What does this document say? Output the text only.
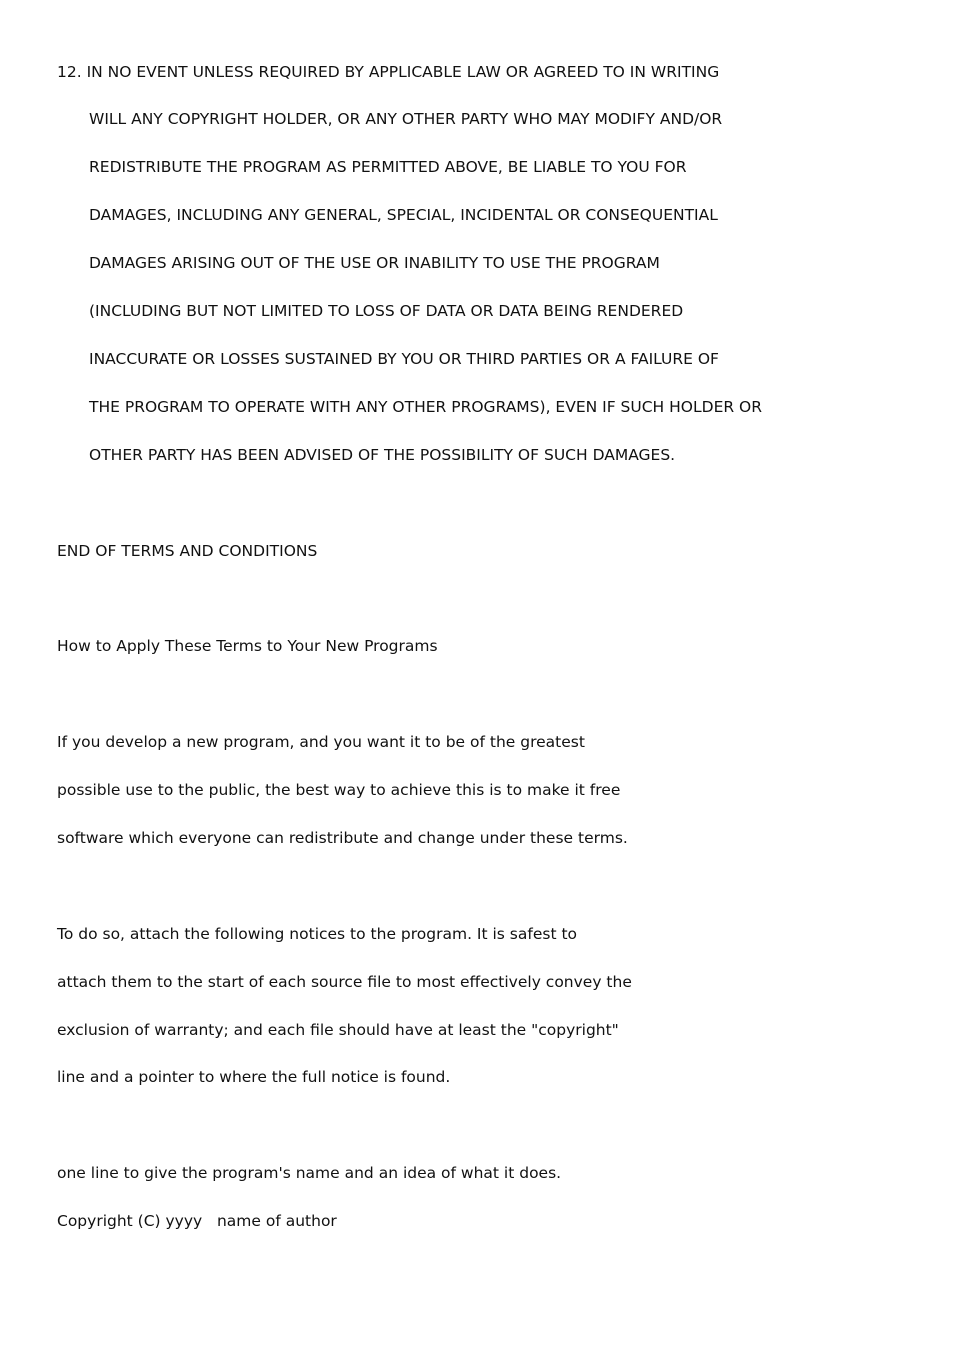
12. IN NO EVENT UNLESS REQUIRED BY APPLICABLE LAW OR AGREED TO IN WRITING
WILL ANY COPYRIGHT HOLDER, OR ANY OTHER PARTY WHO MAY MODIFY AND/OR
REDISTRIBUTE THE PROGRAM AS PERMITTED ABOVE, BE LIABLE TO YOU FOR
DAMAGES, INCLUDING ANY GENERAL, SPECIAL, INCIDENTAL OR CONSEQUENTIAL
DAMAGES ARISING OUT OF THE USE OR INABILITY TO USE THE PROGRAM
(INCLUDING BUT NOT LIMITED TO LOSS OF DATA OR DATA BEING RENDERED
INACCURATE OR LOSSES SUSTAINED BY YOU OR THIRD PARTIES OR A FAILURE OF
THE PROGRAM TO OPERATE WITH ANY OTHER PROGRAMS), EVEN IF SUCH HOLDER OR
OTHER PARTY HAS BEEN ADVISED OF THE POSSIBILITY OF SUCH DAMAGES.
END OF TERMS AND CONDITIONS
How to Apply These Terms to Your New Programs
If you develop a new program, and you want it to be of the greatest
possible use to the public, the best way to achieve this is to make it free
software which everyone can redistribute and change under these terms.
To do so, attach the following notices to the program. It is safest to
attach them to the start of each source file to most effectively convey the
exclusion of warranty; and each file should have at least the "copyright"
line and a pointer to where the full notice is found.
one line to give the program's name and an idea of what it does.
Copyright (C) yyyy   name of author
